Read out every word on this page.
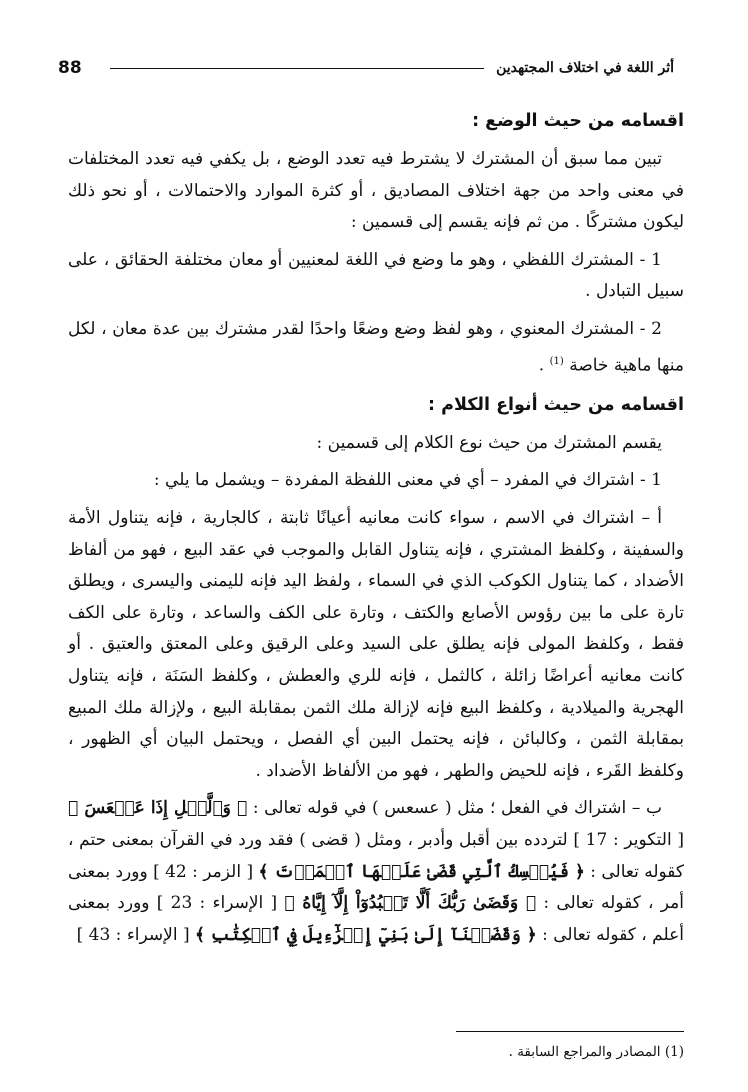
88	أثر اللغة في اختلاف المجتهدين
اقسامه من حيث الوضع :

تبين مما سبق أن المشترك لا يشترط فيه تعدد الوضع ، بل يكفي فيه تعدد المختلفات في معنى واحد من جهة اختلاف المصاديق ، أو كثرة الموارد والاحتمالات ، أو نحو ذلك ليكون مشتركًا . من ثم فإنه يقسم إلى قسمين :

1 - المشترك اللفظي ، وهو ما وضع في اللغة لمعنيين أو معان مختلفة الحقائق ، على سبيل التبادل .

2 - المشترك المعنوي ، وهو لفظ وضع وضعًا واحدًا لقدر مشترك بين عدة معان ، لكل منها ماهية خاصة $^{(1)}$ .

اقسامه من حيث أنواع الكلام :

يقسم المشترك من حيث نوع الكلام إلى قسمين :

1 - اشتراك في المفرد – أي في معنى اللفظة المفردة – ويشمل ما يلي :

أ – اشتراك في الاسم ، سواء كانت معانيه أعيانًا ثابتة ، كالجارية ، فإنه يتناول الأمة والسفينة ، وكلفظ المشتري ، فإنه يتناول القابل والموجب في عقد البيع ، فهو من ألفاظ الأضداد ، كما يتناول الكوكب الذي في السماء ، ولفظ اليد فإنه لليمنى واليسرى ، ويطلق تارة على ما بين رؤوس الأصابع والكتف ، وتارة على الكف والساعد ، وتارة على الكف فقط ، وكلفظ المولى فإنه يطلق على السيد وعلى الرقيق وعلى المعتق والعتيق . أو كانت معانيه أعراضًا زائلة ، كالثمل ، فإنه للري والعطش ، وكلفظ السَنَة ، فإنه يتناول الهجرية والميلادية ، وكلفظ البيع فإنه لإزالة ملك الثمن بمقابلة البيع ، ولإزالة ملك المبيع بمقابلة الثمن ، وكالبائن ، فإنه يحتمل البين أي الفصل ، ويحتمل البيان أي الظهور ، وكلفظ القَرء ، فإنه للحيض والطهر ، فهو من الألفاظ الأضداد .

ب – اشتراك في الفعل ؛ مثل ( عسعس ) في قوله تعالى : ﴿ وَٱلَّيۡلِ إِذَا عَسۡعَسَ ﴾ [ التكوير : 17 ] لتردده بين أقبل وأدبر ، ومثل ( قضى ) فقد ورد في القرآن بمعنى حتم ، كقوله تعالى : ﴿ فَيُمۡسِكُ ٱلَّتِي قَضَىٰ عَلَيۡهَا ٱلۡمَوۡتَ ﴾ [ الزمر : 42 ] وورد بمعنى أمر ، كقوله تعالى : ﴿ وَقَضَىٰ رَبُّكَ أَلَّا تَعۡبُدُوٓاْ إِلَّآ إِيَّاهُ ﴾ [ الإسراء : 23 ] وورد بمعنى أعلم ، كقوله تعالى : ﴿ وَقَضَيۡنَآ إِلَىٰ بَنِيٓ إِسۡرَٰٓءِيلَ فِي ٱلۡكِتَٰبِ ﴾ [ الإسراء : 43 ]

(1) المصادر والمراجع السابقة .
